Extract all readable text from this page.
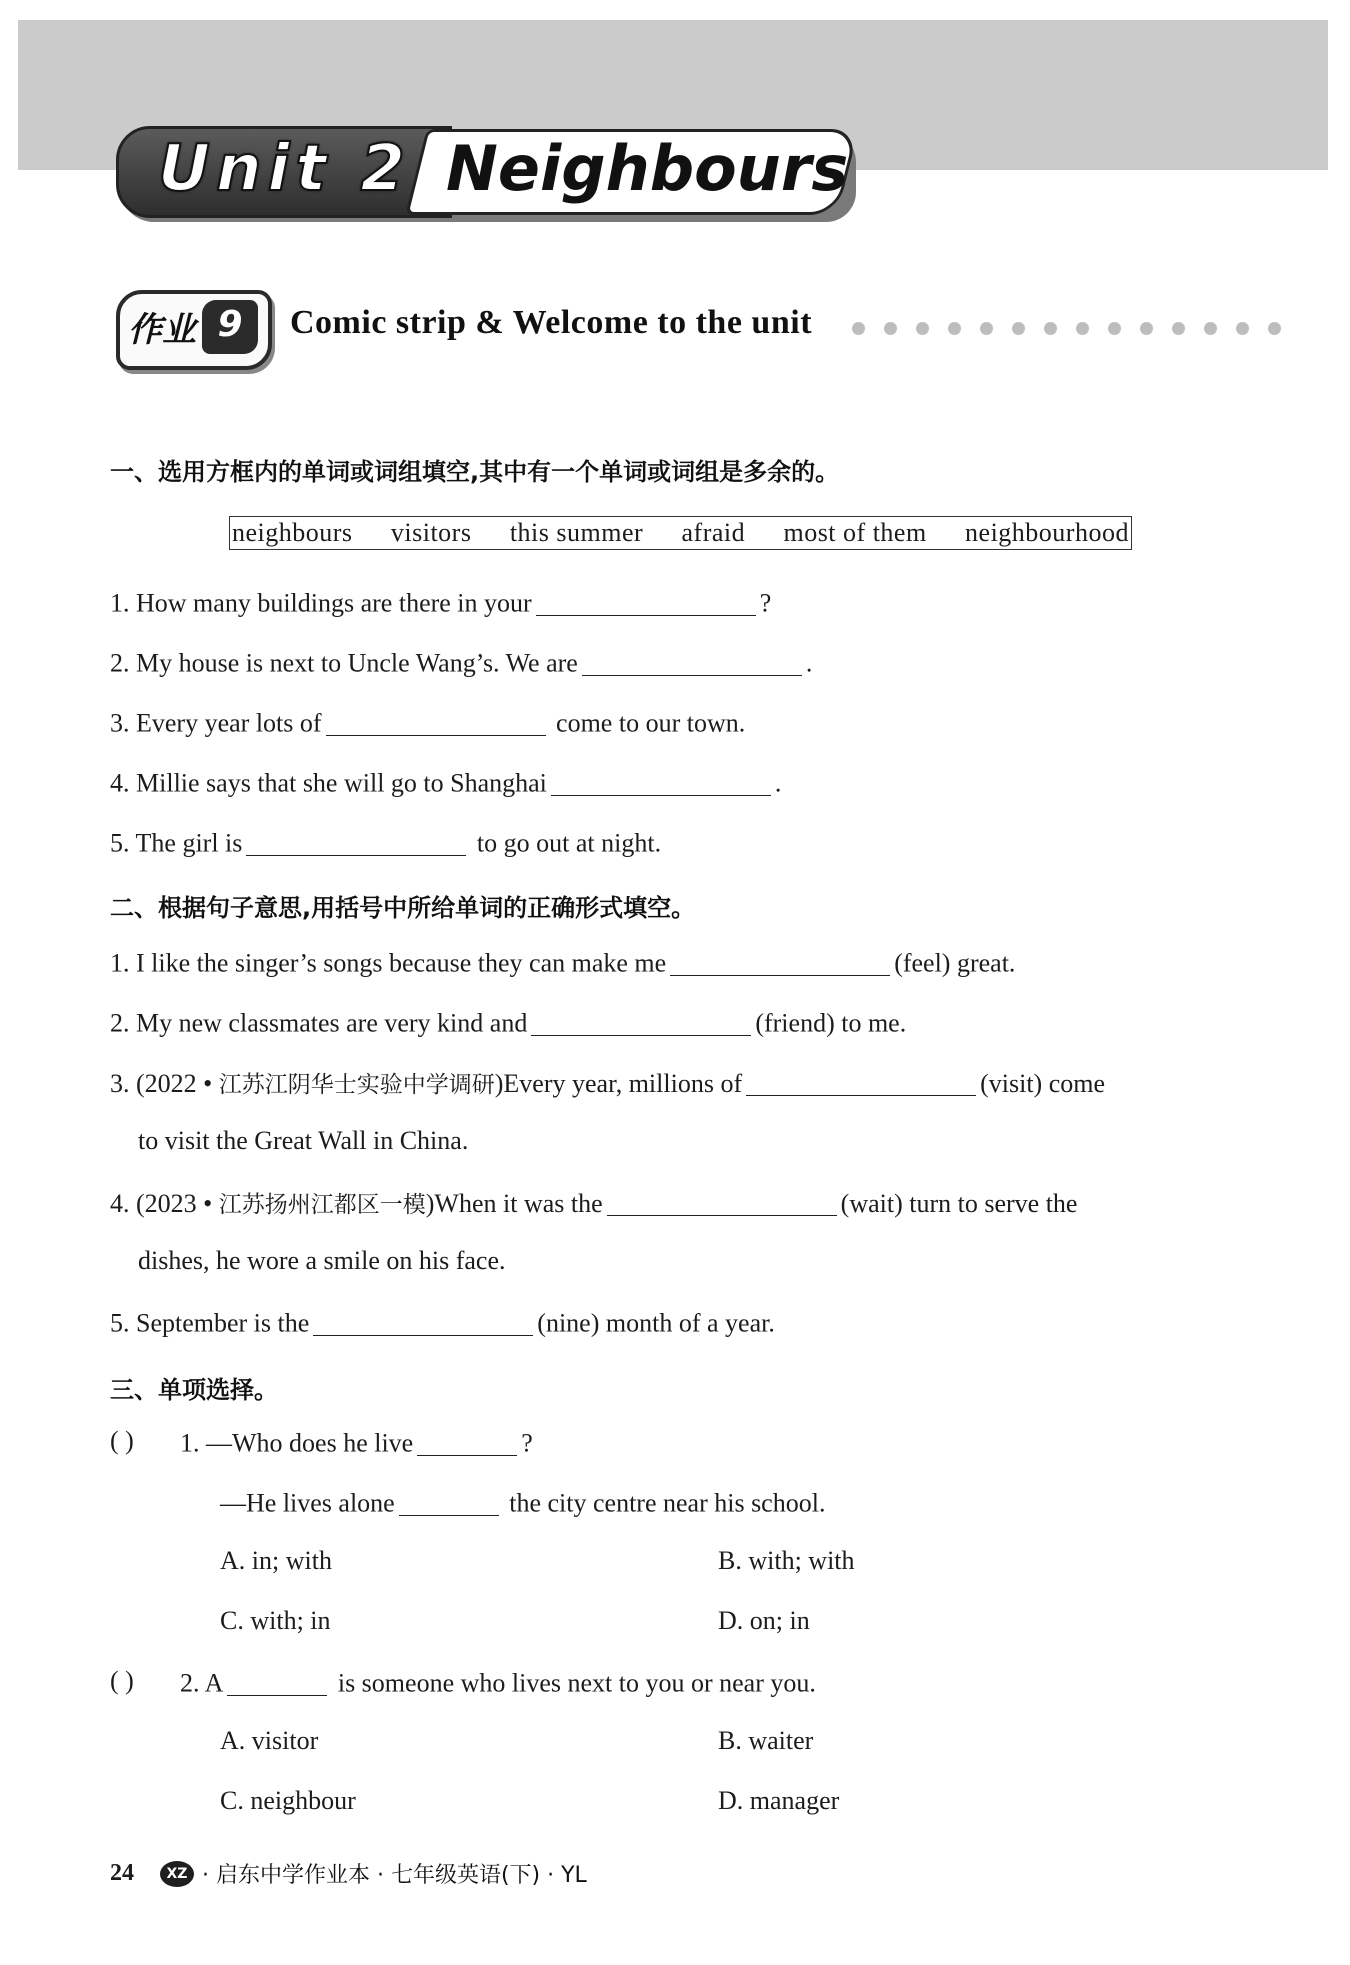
Unit 2 Neighbours
作业 9	Comic strip & Welcome to the unit
一、选用方框内的单词或词组填空,其中有一个单词或词组是多余的。
neighbours visitors this summer afraid most of them neighbourhood
1. How many buildings are there in your	?
2. My house is next to Uncle Wang’s. We are	.
3. Every year lots of	come to our town.
4. Millie says that she will go to Shanghai	.
5. The girl is	to go out at night.
二、根据句子意思,用括号中所给单词的正确形式填空。
1. I like the singer’s songs because they can make me	(feel) great.
2. My new classmates are very kind and	(friend) to me.
3. (2022 • 江苏江阴华士实验中学调研)Every year, millions of	(visit) come
to visit the Great Wall in China.
4. (2023 • 江苏扬州江都区一模)When it was the	(wait) turn to serve the
dishes, he wore a smile on his face.
5. September is the	(nine) month of a year.
三、单项选择。
( ) 1. —Who does he live	?
—He lives alone	the city centre near his school.
A. in; with	B. with; with
C. with; in	D. on; in
( ) 2. A	is someone who lives next to you or near you.
A. visitor	B. waiter
C. neighbour	D. manager
24	XZ · 启东中学作业本 · 七年级英语(下) · YL
